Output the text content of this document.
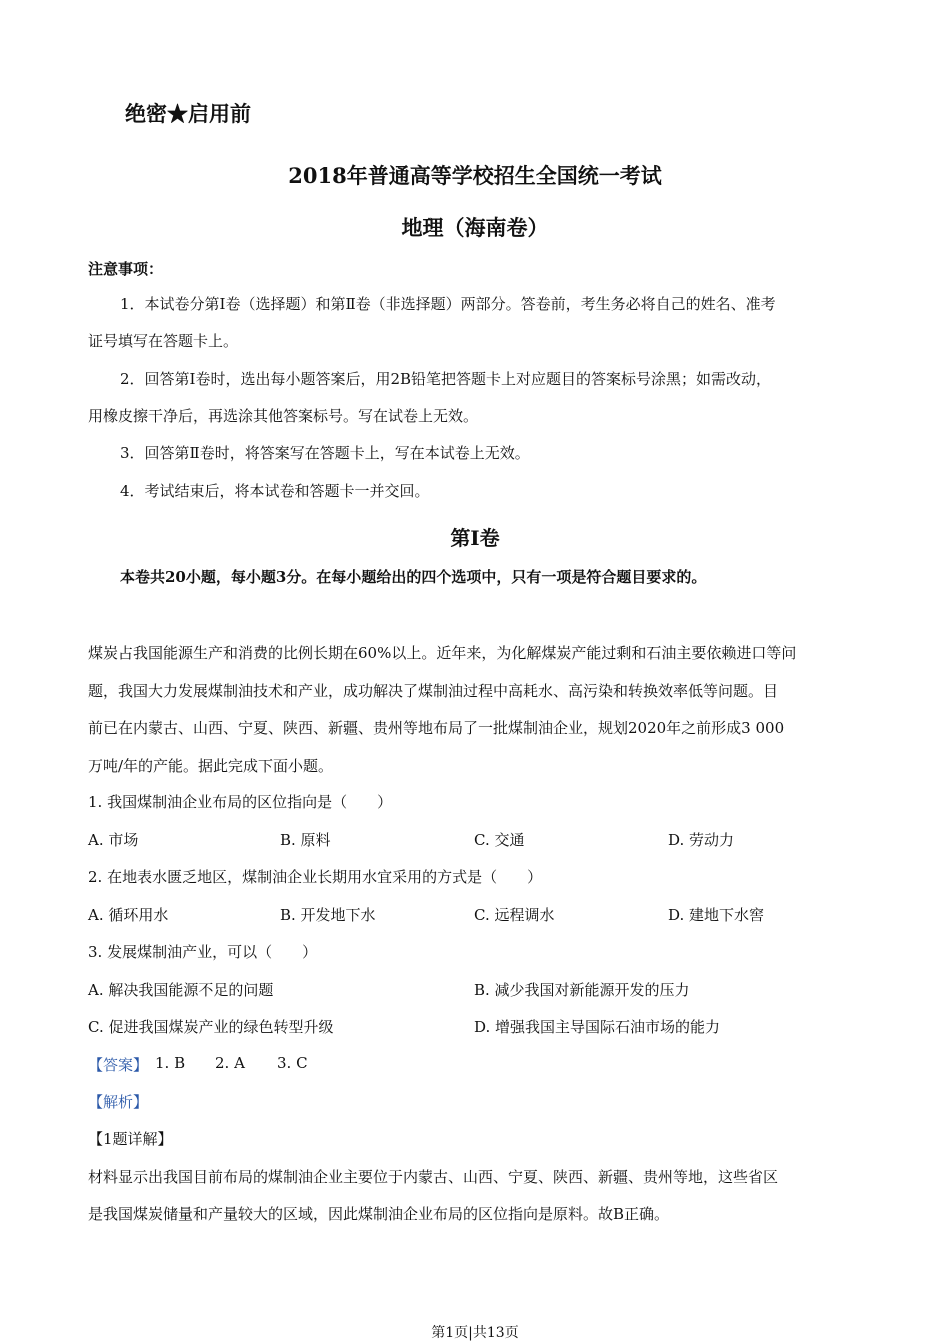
绝密★启用前
2018年普通高等学校招生全国统一考试
地理（海南卷）
注意事项：
1．本试卷分第Ⅰ卷（选择题）和第Ⅱ卷（非选择题）两部分。答卷前，考生务必将自己的姓名、准考
证号填写在答题卡上。
2．回答第Ⅰ卷时，选出每小题答案后，用2B铅笔把答题卡上对应题目的答案标号涂黑；如需改动，
用橡皮擦干净后，再选涂其他答案标号。写在试卷上无效。
3．回答第Ⅱ卷时，将答案写在答题卡上，写在本试卷上无效。
4．考试结束后，将本试卷和答题卡一并交回。
第Ⅰ卷
本卷共20小题，每小题3分。在每小题给出的四个选项中，只有一项是符合题目要求的。
煤炭占我国能源生产和消费的比例长期在60%以上。近年来，为化解煤炭产能过剩和石油主要依赖进口等问
题，我国大力发展煤制油技术和产业，成功解决了煤制油过程中高耗水、高污染和转换效率低等问题。目
前已在内蒙古、山西、宁夏、陕西、新疆、贵州等地布局了一批煤制油企业，规划2020年之前形成3 000
万吨/年的产能。据此完成下面小题。
1. 我国煤制油企业布局的区位指向是（　　）
A. 市场	B. 原料	C. 交通	D. 劳动力
2. 在地表水匮乏地区，煤制油企业长期用水宜采用的方式是（　　）
A. 循环用水	B. 开发地下水	C. 远程调水	D. 建地下水窖
3. 发展煤制油产业，可以（　　）
A. 解决我国能源不足的问题	B. 减少我国对新能源开发的压力
C. 促进我国煤炭产业的绿色转型升级	D. 增强我国主导国际石油市场的能力
【答案】 1. B 2. A 3. C
【解析】
【1题详解】
材料显示出我国目前布局的煤制油企业主要位于内蒙古、山西、宁夏、陕西、新疆、贵州等地，这些省区
是我国煤炭储量和产量较大的区域，因此煤制油企业布局的区位指向是原料。故B正确。
第1页|共13页
